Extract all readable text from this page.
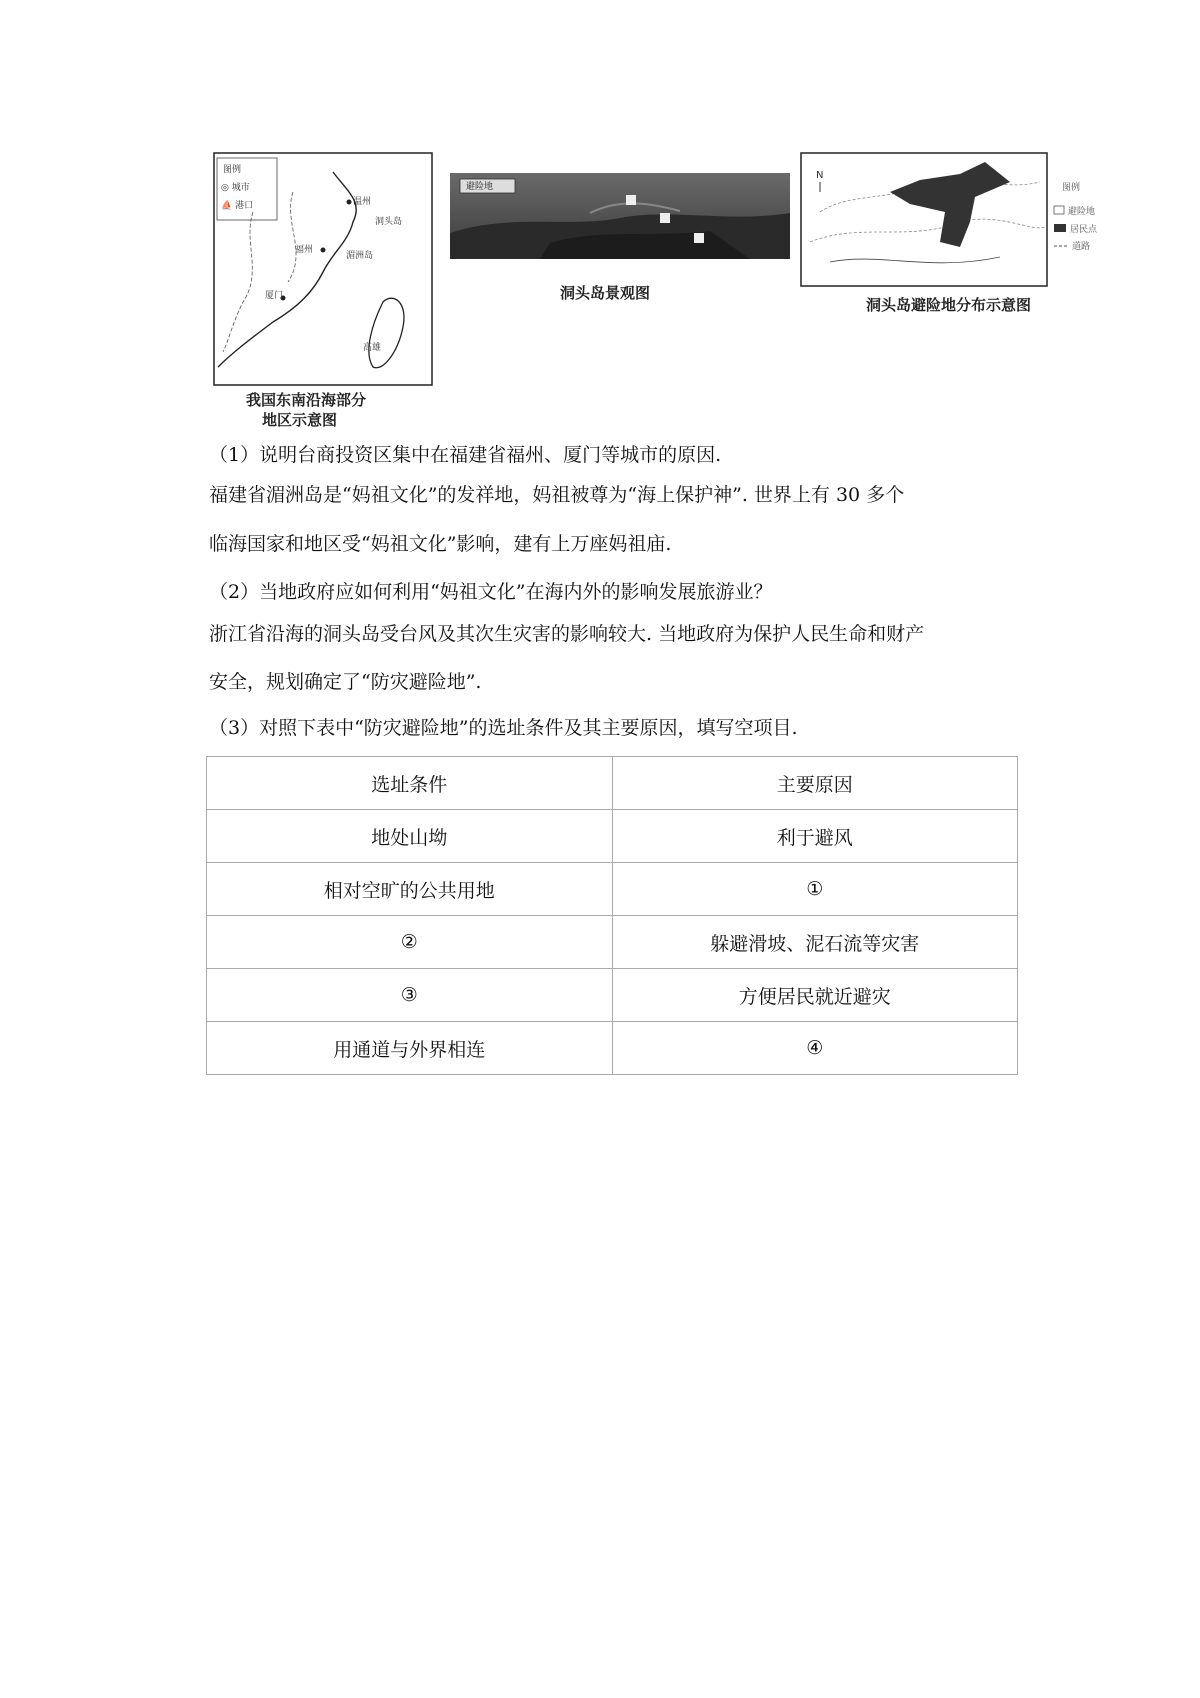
图例
◎ 城市
⛵ 港口	温州
洞头岛
福州
湄洲岛
厦门
高雄
我国东南沿海部分
地区示意图
避险地
洞头岛景观图
N
图例
避险地
居民点
道路
洞头岛避险地分布示意图
（1）说明台商投资区集中在福建省福州、厦门等城市的原因.
福建省湄洲岛是“妈祖文化”的发祥地，妈祖被尊为“海上保护神”. 世界上有 30 多个
临海国家和地区受“妈祖文化”影响，建有上万座妈祖庙.
（2）当地政府应如何利用“妈祖文化”在海内外的影响发展旅游业？
浙江省沿海的洞头岛受台风及其次生灾害的影响较大. 当地政府为保护人民生命和财产
安全，规划确定了“防灾避险地”.
（3）对照下表中“防灾避险地”的选址条件及其主要原因，填写空项目.
选址条件	主要原因
地处山坳	利于避风
相对空旷的公共用地	①
②	躲避滑坡、泥石流等灾害
③	方便居民就近避灾
用通道与外界相连	④
